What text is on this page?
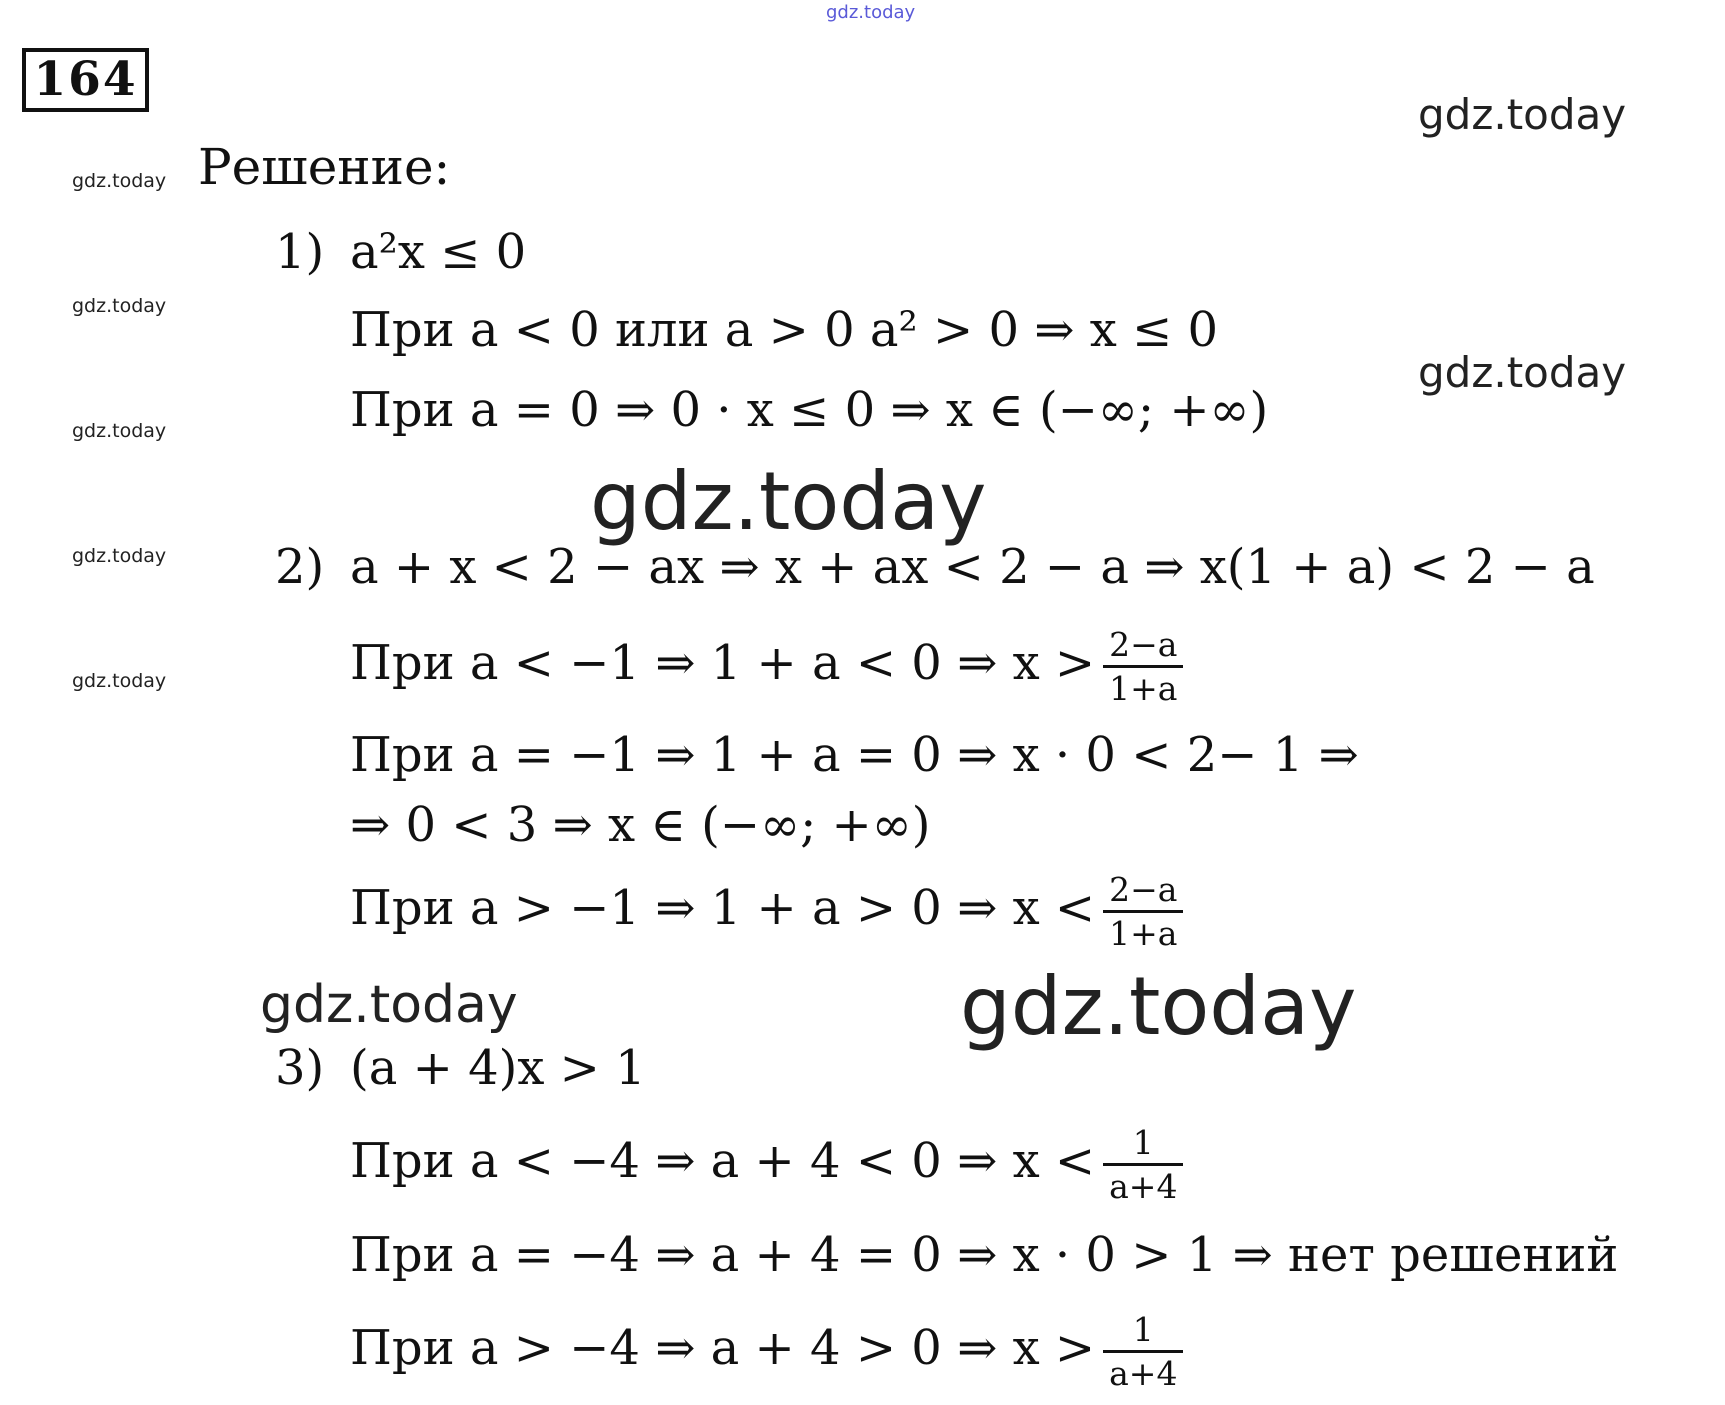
gdz.today
gdz.today
gdz.today
gdz.today
gdz.today
gdz.today
gdz.today
gdz.today
gdz.today
gdz.today	gdz.today
164
Решение:
1) a²x ≤ 0
При a < 0 или a > 0 a² > 0 ⇒ x ≤ 0
При a = 0 ⇒ 0 · x ≤ 0 ⇒ x ∈ (−∞; +∞)
2) a + x < 2 − ax ⇒ x + ax < 2 − a ⇒ x(1 + a) < 2 − a
При a < −1 ⇒ 1 + a < 0 ⇒ $x > \frac{2-a}{1+a}$
При a = −1 ⇒ 1 + a = 0 ⇒ x · 0 < 2− 1 ⇒
⇒ 0 < 3 ⇒ x ∈ (−∞; +∞)
При a > −1 ⇒ 1 + a > 0 ⇒ $x < \frac{2-a}{1+a}$
3) (a + 4)x > 1
При a < −4 ⇒ a + 4 < 0 ⇒ $x < \frac{1}{a+4}$
При a = −4 ⇒ a + 4 = 0 ⇒ x · 0 > 1 ⇒ нет решений
При a > −4 ⇒ a + 4 > 0 ⇒ $x > \frac{1}{a+4}$
